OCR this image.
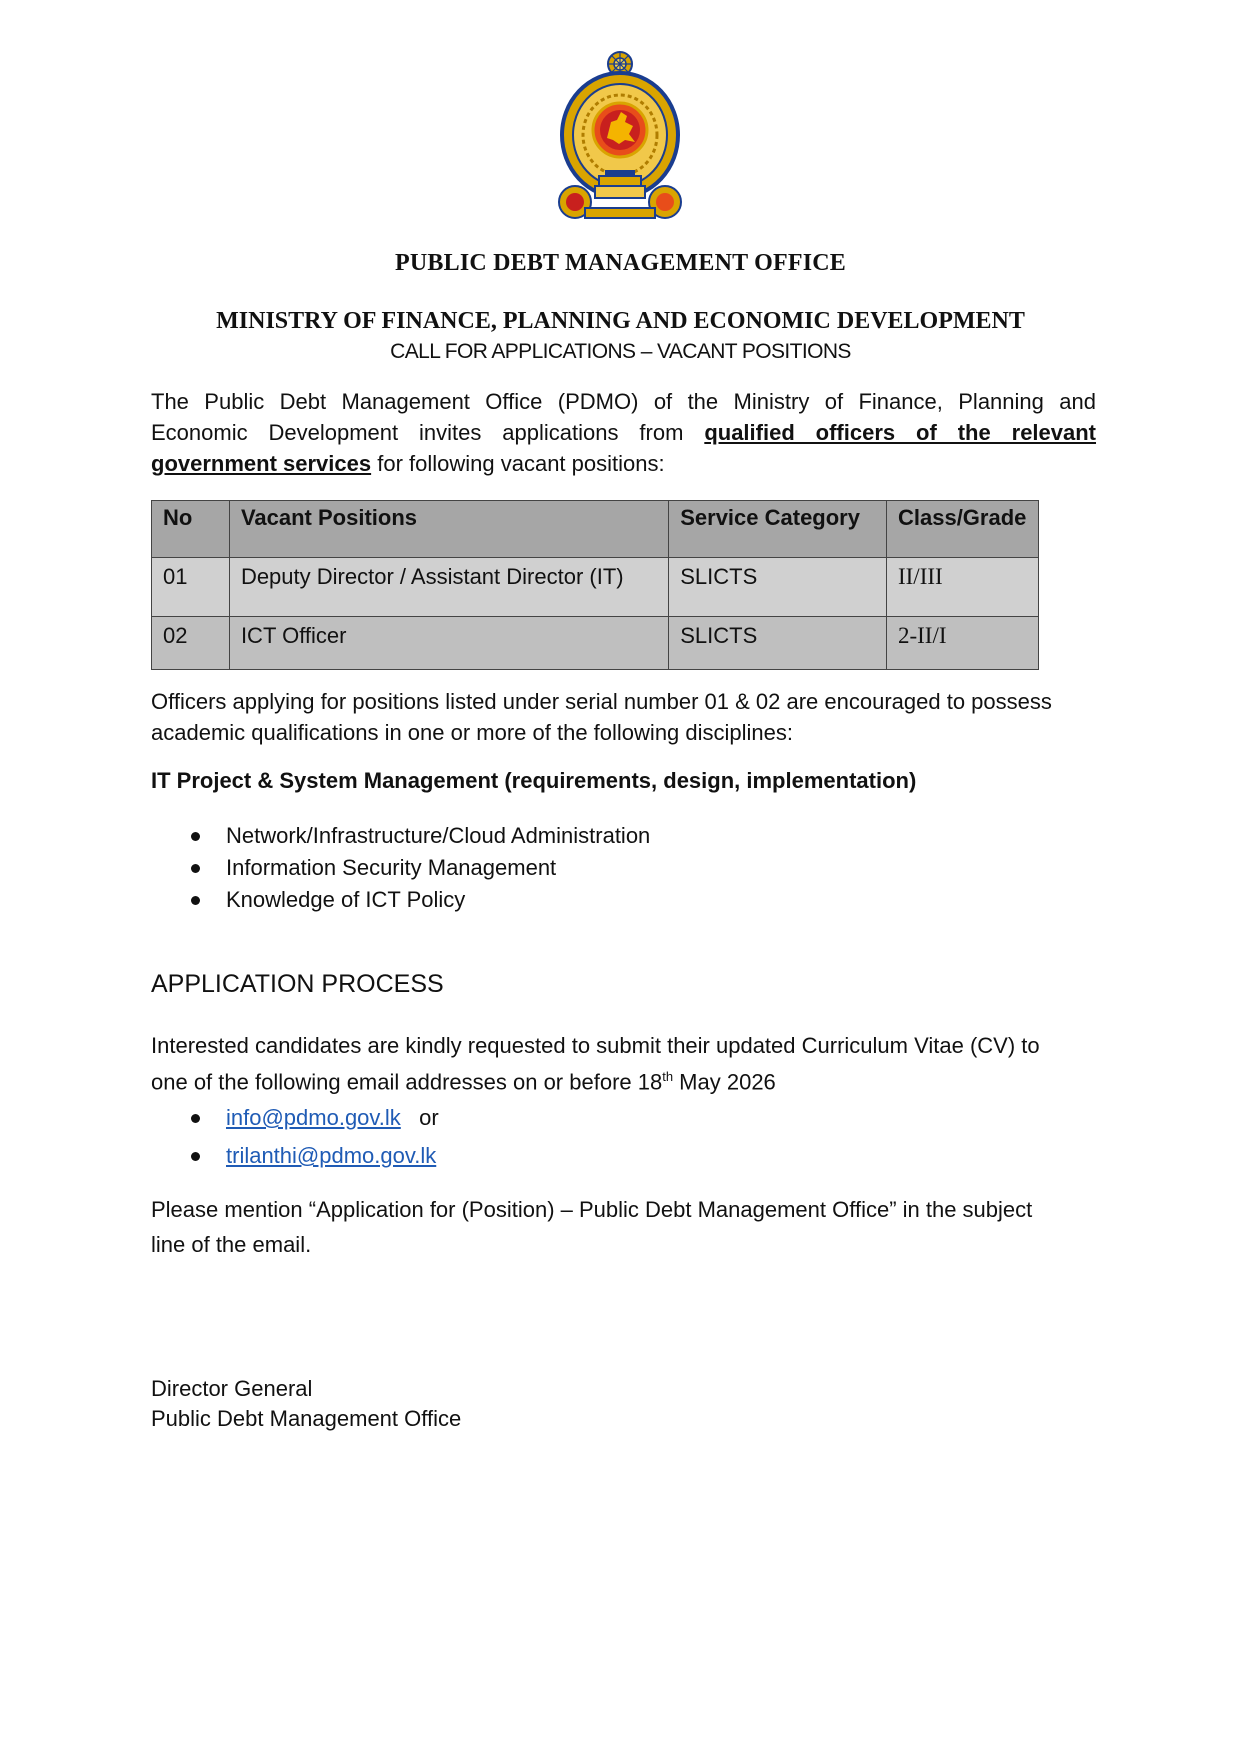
PUBLIC DEBT MANAGEMENT OFFICE
MINISTRY OF FINANCE, PLANNING AND ECONOMIC DEVELOPMENT
CALL FOR APPLICATIONS – VACANT POSITIONS

The Public Debt Management Office (PDMO) of the Ministry of Finance, Planning and

Economic Development invites applications from qualified officers of the relevant

government services for following vacant positions:

No	Vacant Positions	Service Category	Class/Grade
01	Deputy Director / Assistant Director (IT)	SLICTS	II/III
02	ICT Officer	SLICTS	2-II/I
Officers applying for positions listed under serial number 01 & 02 are encouraged to possess
academic qualifications in one or more of the following disciplines:
IT Project & System Management (requirements, design, implementation)
Network/Infrastructure/Cloud Administration
Information Security Management
Knowledge of ICT Policy
APPLICATION PROCESS
Interested candidates are kindly requested to submit their updated Curriculum Vitae (CV) to
one of the following email addresses on or before 18th May 2026
info@pdmo.gov.lk or
trilanthi@pdmo.gov.lk
Please mention “Application for (Position) – Public Debt Management Office” in the subject
line of the email.
Director General
Public Debt Management Office
